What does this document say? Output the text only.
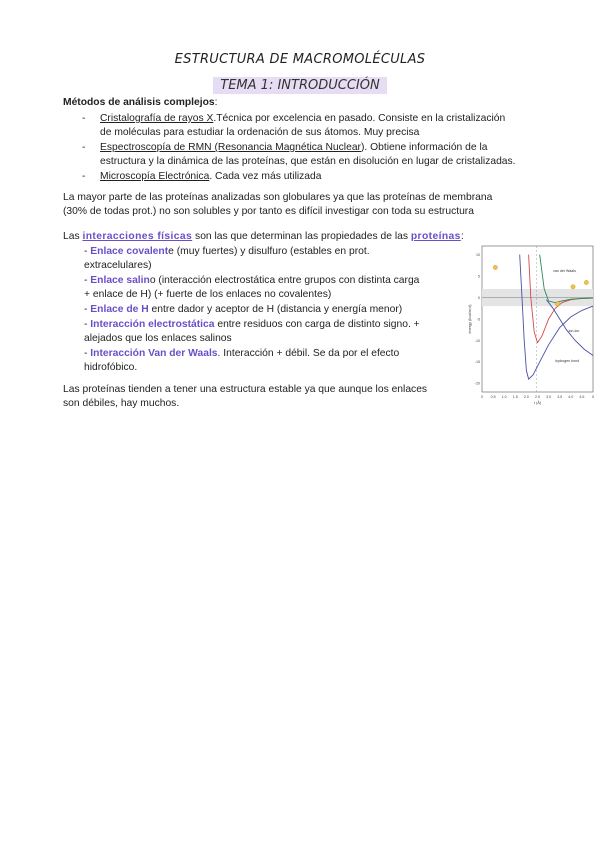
ESTRUCTURA DE MACROMOLÉCULAS
TEMA 1: INTRODUCCIÓN
Métodos de análisis complejos:
- Cristalografía de rayos X.Técnica por excelencia en pasado. Consiste en la cristalización
de moléculas para estudiar la ordenación de sus átomos. Muy precisa
- Espectroscopía de RMN (Resonancia Magnética Nuclear). Obtiene información de la
estructura y la dinámica de las proteínas, que están en disolución en lugar de cristalizadas.
- Microscopía Electrónica. Cada vez más utilizada
La mayor parte de las proteínas analizadas son globulares ya que las proteínas de membrana
(30% de todas prot.) no son solubles y por tanto es difícil investigar con toda su estructura
Las interacciones físicas son las que determinan las propiedades de las proteínas:
- Enlace covalente (muy fuertes) y disulfuro (estables en prot.
extracelulares)
- Enlace salino (interacción electrostática entre grupos con distinta carga
+ enlace de H) (+ fuerte de los enlaces no covalentes)
- Enlace de H entre dador y aceptor de H (distancia y energía menor)
- Interacción electrostática entre residuos con carga de distinto signo. +
alejados que los enlaces salinos
- Interacción Van der Waals. Interacción + débil. Se da por el efecto
hidrofóbico.
Las proteínas tienden a tener una estructura estable ya que aunque los enlaces
son débiles, hay muchos.
0 0.5 1.0 1.5 2.0 2.5 3.0 3.5 4.0 4.5 5
10
5
0
-5
-10
-15
-20
r (Å)
energy (kcal/mol)
van der Waals
ion-ion
hydrogen bond
